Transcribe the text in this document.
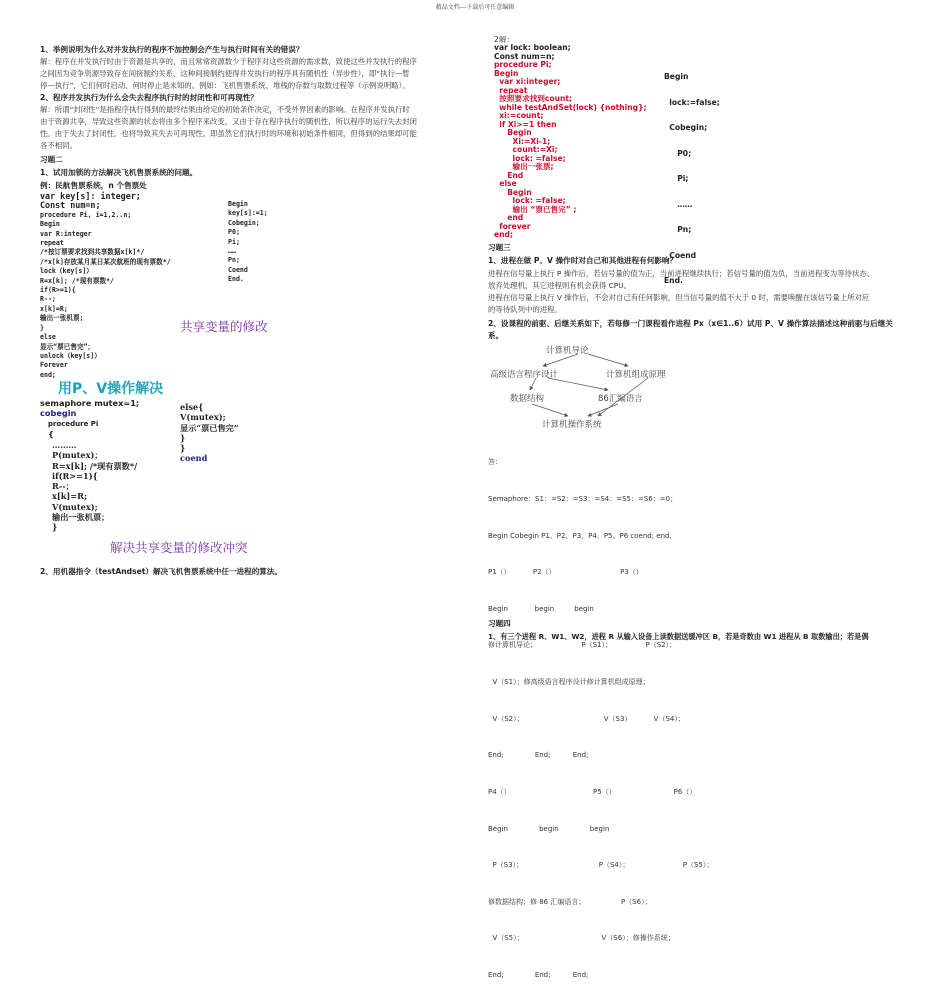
精品文档---下载后可任意编辑
1、举例说明为什么对并发执行的程序不加控制会产生与执行时间有关的错误？
解：程序在并发执行时由于资源是共享的，而且常常资源数少于程序对这些资源的需求数，致使这些并发执行的程序
之间因为竞争资源导致存在间接制约关系，这种间接制约使得并发执行的程序具有随机性（异步性），即“执行—暂
停—执行”，它们何时启动、何时停止是未知的。例如：飞机售票系统、堆栈的存数与取数过程等（示例说明略）。
2、程序并发执行为什么会失去程序执行时的封闭性和可再现性？
解：所谓“封闭性”是指程序执行得到的最终结果由给定的初始条件决定，不受外界因素的影响。在程序并发执行时
由于资源共享，导致这些资源的状态将由多个程序来改变，又由于存在程序执行的随机性，所以程序的运行失去封闭
性。由于失去了封闭性，也将导致其失去可再现性。即虽然它们执行时的环境和初始条件相同，但得到的结果却可能
各不相同。
习题二
1、试用加锁的方法解决飞机售票系统的问题。
例：民航售票系统，n 个售票处
var key[s]: integer;
Const num=n;
procedure Pi, i=1,2..n;
Begin
var R:integer
repeat
/*按订票要求找到共享数据x[k]*/
/*x[k]存放某月某日某次航班的现有票数*/
lock（key[s]）
R=x[k]; /*现有票数*/
if(R>=1){
R--;
x[k]=R;
输出一张机票;
}
else
显示“票已售完”；
unlock（key[s]）
Forever
end;
Begin
key[s]:=1;
Cobegin;
P0;
Pi;
……
Pn;
Coend
End.
共享变量的修改
用P、V操作解决
semaphore mutex=1;
cobegin
procedure Pi
{
………
P(mutex)；
R=x[k]; /*现有票数*/
if(R>=1){
R--；
x[k]=R;
V(mutex);
输出一张机票；
}
else{
V(mutex);
显示“票已售完”
}
}
coend
解决共享变量的修改冲突
2、用机器指令（testAndset）解决飞机售票系统中任一进程的算法。
2解：
var lock: boolean;
Const num=n;
procedure Pi;
Begin
var xi:integer;
repeat
按照要求找到count;
while testAndSet(lock) {nothing};
xi:=count;
if Xi>=1 then
Begin
Xi:=Xi-1;
count:=Xi;
lock: =false;
输出一张票;
End
else
Begin
lock: =false;
输出 “票已售完” ;
end
forever
end;

Begin

lock:=false;

Cobegin;

P0;

Pi;

……

Pn;

Coend

End.

习题三
1、进程在做 P、V 操作时对自己和其他进程有何影响？
进程在信号量上执行 P 操作后，若信号量的值为正，当前进程继续执行；若信号量的值为负，当前进程变为等待状态、
放弃处理机，其它进程则有机会获得 CPU。
进程在信号量上执行 V 操作后，不会对自己有任何影响，但当信号量的值不大于 0 时，需要唤醒在该信号量上所对应
的等待队列中的进程。
2、设课程的前驱、后继关系如下，若每修一门课程看作进程 Px（x∈1..6）试用 P、V 操作算法描述这种前驱与后继关
系。
计算机导论
高级语言程序设计	计算机组成原理
数据结构	86汇编语言
计算机操作系统

答：

Semaphore：S1：=S2：=S3：=S4：=S5：=S6：=0；

Begin Cobegin P1、P2、P3、P4、P5、P6 coend; end.

P1（）          P2（）                             P3（）

Begin            begin         begin

修计算机导论；                    P（S1）；               P（S2）；

V（S1）；修高级语言程序设计修计算机组成原理；

V（S2）；                                    V（S3）          V（S4）；

End;              End;          End;

P4（）                                     P5（）                          P6（）

Begin              begin              begin

P（S3）；                                  P（S4）；                        P（S5）；

修数据结构；修 86 汇编语言；                P（S6）；

V（S5）；                                   V（S6）；修操作系统；

End;              End;          End;

习题四
1、有三个进程 R、W1、W2，进程 R 从输入设备上读数据送缓冲区 B，若是奇数由 W1 进程从 B 取数输出；若是偶
